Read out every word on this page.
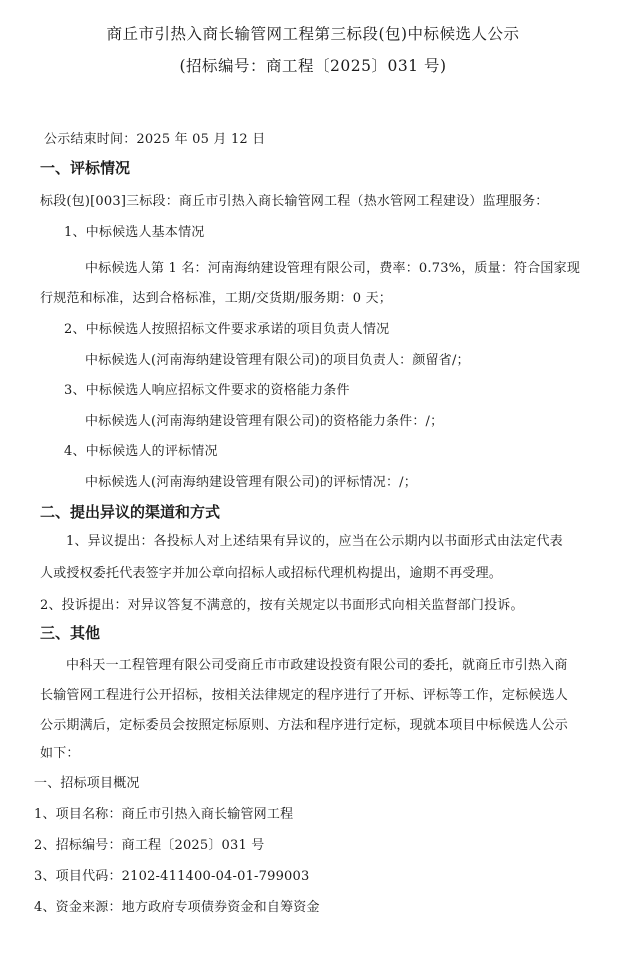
商丘市引热入商长输管网工程第三标段(包)中标候选人公示
(招标编号：商工程〔2025〕031 号)
公示结束时间：2025 年 05 月 12 日
一、评标情况
标段(包)[003]三标段：商丘市引热入商长输管网工程（热水管网工程建设）监理服务：
1、中标候选人基本情况
中标候选人第 1 名：河南海纳建设管理有限公司，费率：0.73%，质量：符合国家现
行规范和标准，达到合格标准，工期/交货期/服务期：0 天；
2、中标候选人按照招标文件要求承诺的项目负责人情况
中标候选人(河南海纳建设管理有限公司)的项目负责人：颜留省/；
3、中标候选人响应招标文件要求的资格能力条件
中标候选人(河南海纳建设管理有限公司)的资格能力条件：/；
4、中标候选人的评标情况
中标候选人(河南海纳建设管理有限公司)的评标情况：/；
二、提出异议的渠道和方式
1、异议提出：各投标人对上述结果有异议的，应当在公示期内以书面形式由法定代表
人或授权委托代表签字并加公章向招标人或招标代理机构提出，逾期不再受理。
2、投诉提出：对异议答复不满意的，按有关规定以书面形式向相关监督部门投诉。
三、其他
中科天一工程管理有限公司受商丘市市政建设投资有限公司的委托，就商丘市引热入商
长输管网工程进行公开招标，按相关法律规定的程序进行了开标、评标等工作，定标候选人
公示期满后，定标委员会按照定标原则、方法和程序进行定标，现就本项目中标候选人公示
如下：
一、招标项目概况
1、项目名称：商丘市引热入商长输管网工程
2、招标编号：商工程〔2025〕031 号
3、项目代码：2102-411400-04-01-799003
4、资金来源：地方政府专项债券资金和自筹资金
